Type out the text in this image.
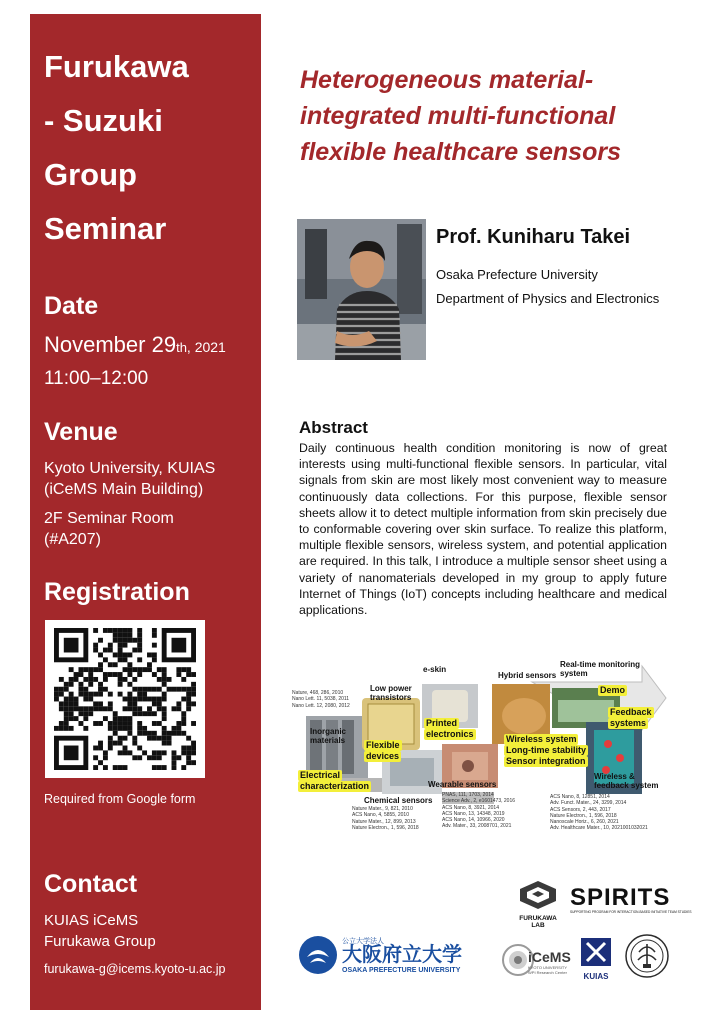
Furukawa
- Suzuki
Group
Seminar
Date
November 29th, 2021
11:00–12:00
Venue
Kyoto University, KUIAS
(iCeMS Main Building)
2F Seminar Room
(#A207)
Registration
Required from Google form
Contact
KUIAS iCeMS
Furukawa Group
furukawa-g@icems.kyoto-u.ac.jp
Heterogeneous material-
integrated multi-functional
flexible healthcare sensors
Prof. Kuniharu Takei
Osaka Prefecture University
Department of Physics and Electronics
Abstract
Daily continuous health condition monitoring is now of great interests using multi-functional flexible sensors. In particular, vital signals from skin are most likely most convenient way to measure continuously data collections. For this purpose, flexible sensor sheets allow it to detect multiple information from skin precisely due to conformable covering over skin surface. To realize this platform, multiple flexible sensors, wireless system, and potential application are required. In this talk, I introduce a multiple sensor sheet using a variety of nanomaterials developed in my group to apply future Internet of Things (IoT) concepts including healthcare and medical applications.
e-skin
Hybrid sensors
Real-time monitoring
system
Low power
transistors
Nature, 468, 286, 2010
Nano Lett. 11, 5038, 2011
Nano Lett. 12, 2080, 2012
Inorganic
materials
Printed
electronics
Flexible
devices
Demo
Feedback
systems
Wireless system
Long-time stability
Sensor integration
Electrical
characterization	Wearable sensors
Chemical sensors
Wireless &
feedback system
Nature Mater., 9, 821, 2010
ACS Nano, 4, 5855, 2010
Nature Mater., 12, 899, 2013
Nature Electron., 1, 596, 2018
PNAS, 111, 1703, 2014
Science Adv., 2, e1601473, 2016
ACS Nano, 8, 3921, 2014
ACS Nano, 13, 14348, 2019
ACS Nano, 14, 10966, 2020
Adv. Mater., 33, 2008701, 2021
ACS Nano, 8, 12851, 2014
Adv. Funct. Mater., 24, 3299, 2014
ACS Sensors, 2, 443, 2017
Nature Electron., 1, 596, 2018
Nanoscale Horiz., 6, 260, 2021
Adv. Healthcare Mater., 10, 2021001032021
FURUKAWA
LAB
SPIRITS
SUPPORTING PROGRAM FOR INTERACTION-BASED INITIATIVE TEAM STUDIES
公立大学法人
大阪府立大学
OSAKA PREFECTURE UNIVERSITY
iCeMS
KYOTO UNIVERSITY
WPI Research Center	KUIAS
